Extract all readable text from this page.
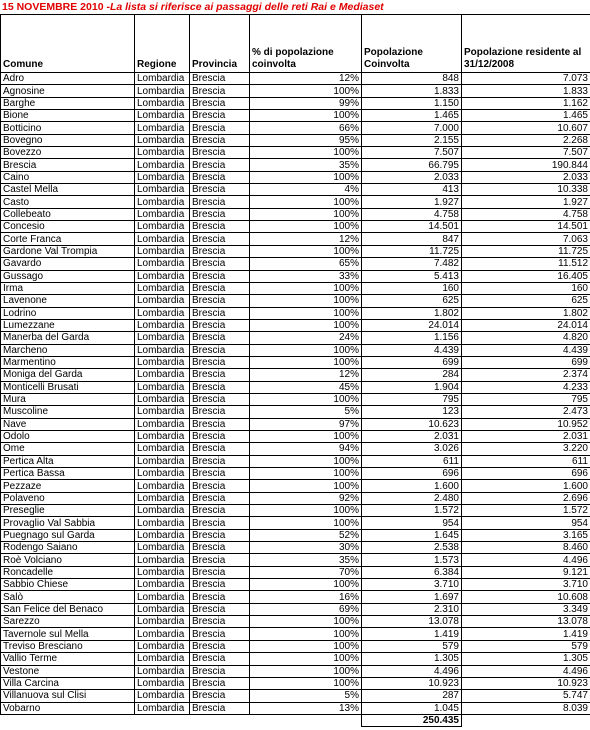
15 NOVEMBRE 2010 -La lista si riferisce ai passaggi delle reti Rai e Mediaset
Comune	Regione	Provincia	% di popolazione coinvolta	Popolazione Coinvolta	Popolazione residente al 31/12/2008
Adro	Lombardia	Brescia	12%	848	7.073
Agnosine	Lombardia	Brescia	100%	1.833	1.833
Barghe	Lombardia	Brescia	99%	1.150	1.162
Bione	Lombardia	Brescia	100%	1.465	1.465
Botticino	Lombardia	Brescia	66%	7.000	10.607
Bovegno	Lombardia	Brescia	95%	2.155	2.268
Bovezzo	Lombardia	Brescia	100%	7.507	7.507
Brescia	Lombardia	Brescia	35%	66.795	190.844
Caino	Lombardia	Brescia	100%	2.033	2.033
Castel Mella	Lombardia	Brescia	4%	413	10.338
Casto	Lombardia	Brescia	100%	1.927	1.927
Collebeato	Lombardia	Brescia	100%	4.758	4.758
Concesio	Lombardia	Brescia	100%	14.501	14.501
Corte Franca	Lombardia	Brescia	12%	847	7.063
Gardone Val Trompia	Lombardia	Brescia	100%	11.725	11.725
Gavardo	Lombardia	Brescia	65%	7.482	11.512
Gussago	Lombardia	Brescia	33%	5.413	16.405
Irma	Lombardia	Brescia	100%	160	160
Lavenone	Lombardia	Brescia	100%	625	625
Lodrino	Lombardia	Brescia	100%	1.802	1.802
Lumezzane	Lombardia	Brescia	100%	24.014	24.014
Manerba del Garda	Lombardia	Brescia	24%	1.156	4.820
Marcheno	Lombardia	Brescia	100%	4.439	4.439
Marmentino	Lombardia	Brescia	100%	699	699
Moniga del Garda	Lombardia	Brescia	12%	284	2.374
Monticelli Brusati	Lombardia	Brescia	45%	1.904	4.233
Mura	Lombardia	Brescia	100%	795	795
Muscoline	Lombardia	Brescia	5%	123	2.473
Nave	Lombardia	Brescia	97%	10.623	10.952
Odolo	Lombardia	Brescia	100%	2.031	2.031
Ome	Lombardia	Brescia	94%	3.026	3.220
Pertica Alta	Lombardia	Brescia	100%	611	611
Pertica Bassa	Lombardia	Brescia	100%	696	696
Pezzaze	Lombardia	Brescia	100%	1.600	1.600
Polaveno	Lombardia	Brescia	92%	2.480	2.696
Preseglie	Lombardia	Brescia	100%	1.572	1.572
Provaglio Val Sabbia	Lombardia	Brescia	100%	954	954
Puegnago sul Garda	Lombardia	Brescia	52%	1.645	3.165
Rodengo Saiano	Lombardia	Brescia	30%	2.538	8.460
Roè Volciano	Lombardia	Brescia	35%	1.573	4.496
Roncadelle	Lombardia	Brescia	70%	6.384	9.121
Sabbio Chiese	Lombardia	Brescia	100%	3.710	3.710
Salò	Lombardia	Brescia	16%	1.697	10.608
San Felice del Benaco	Lombardia	Brescia	69%	2.310	3.349
Sarezzo	Lombardia	Brescia	100%	13.078	13.078
Tavernole sul Mella	Lombardia	Brescia	100%	1.419	1.419
Treviso Bresciano	Lombardia	Brescia	100%	579	579
Vallio Terme	Lombardia	Brescia	100%	1.305	1.305
Vestone	Lombardia	Brescia	100%	4.496	4.496
Villa Carcina	Lombardia	Brescia	100%	10.923	10.923
Villanuova sul Clisi	Lombardia	Brescia	5%	287	5.747
Vobarno	Lombardia	Brescia	13%	1.045	8.039
				250.435	
